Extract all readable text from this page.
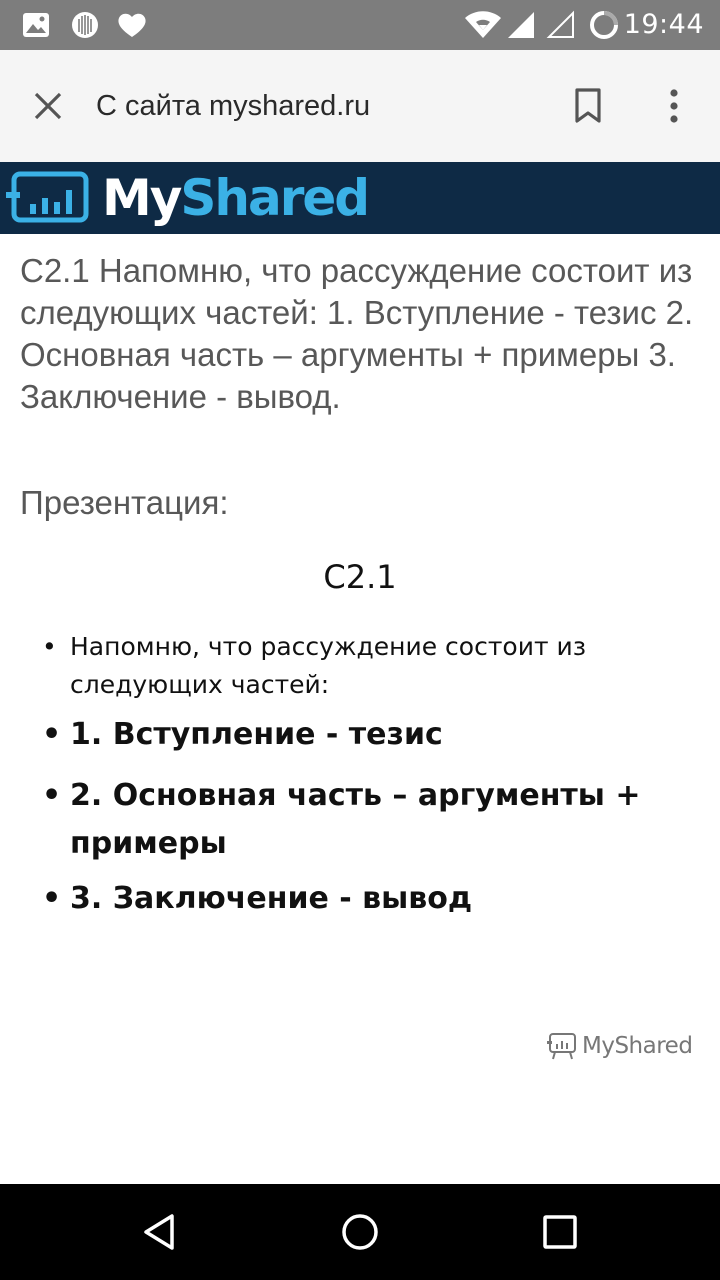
19:44
С сайта myshared.ru
MyShared
С2.1 Напомню, что рассуждение состоит из следующих частей: 1. Вступление - тезис 2. Основная часть – аргументы + примеры 3. Заключение - вывод.
Презентация:
С2.1
• Напомню, что рассуждение состоит из следующих частей:
• 1. Вступление - тезис
• 2. Основная часть – аргументы + примеры
• 3. Заключение - вывод
MyShared
